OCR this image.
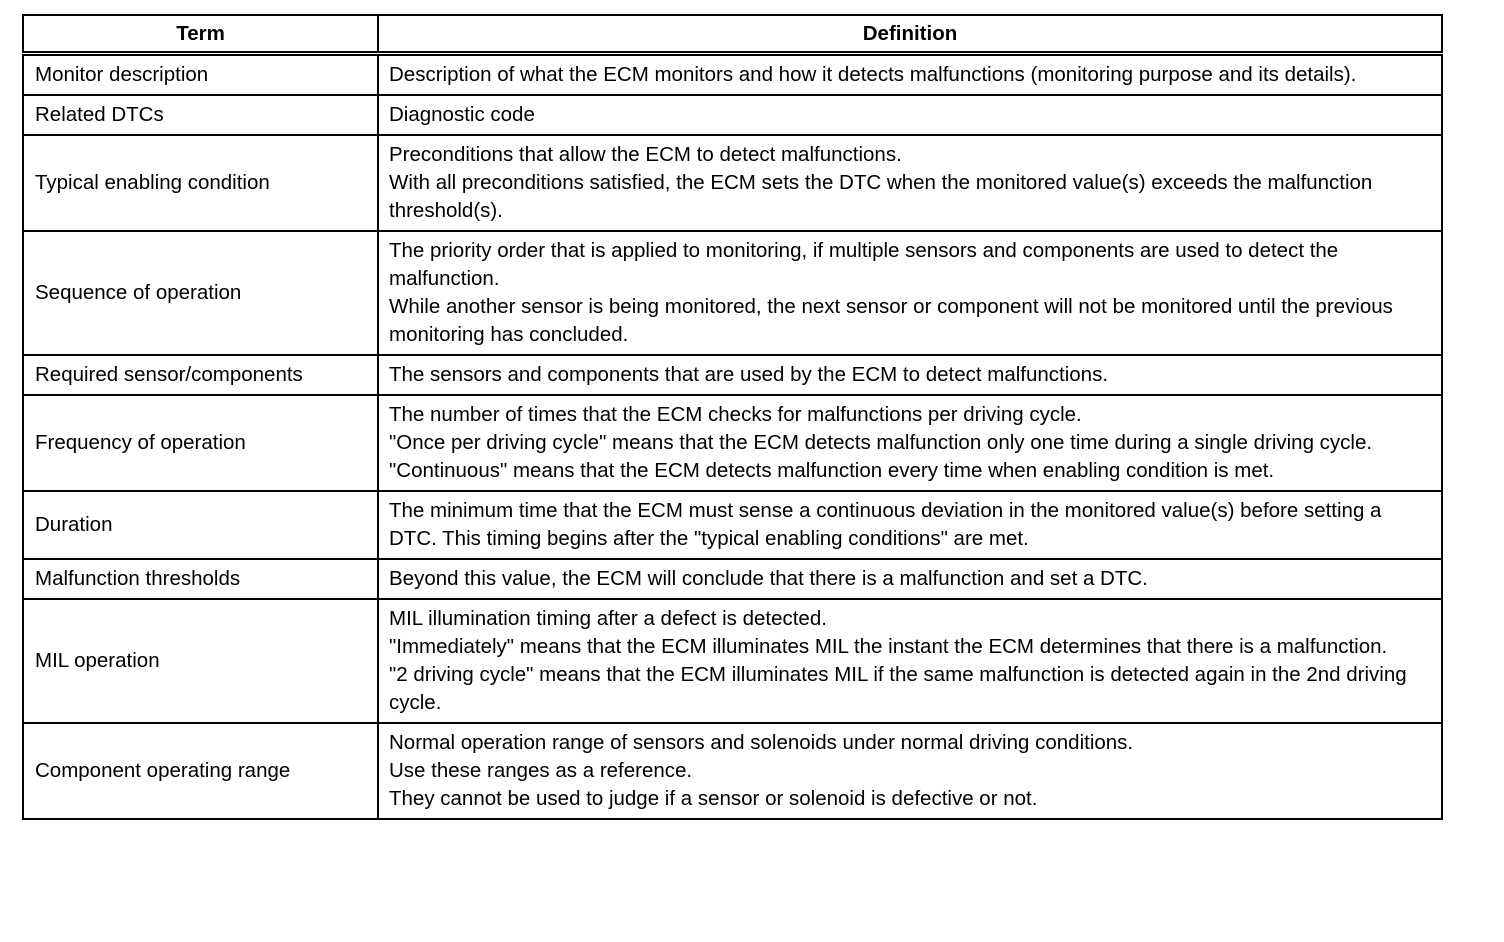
Term	Definition
Monitor description	Description of what the ECM monitors and how it detects malfunctions (monitoring purpose and its details).

Related DTCs	Diagnostic code

Typical enabling condition	Preconditions that allow the ECM to detect malfunctions.
With all preconditions satisfied, the ECM sets the DTC when the monitored value(s) exceeds the malfunction threshold(s).

Sequence of operation	The priority order that is applied to monitoring, if multiple sensors and components are used to detect the malfunction.
While another sensor is being monitored, the next sensor or component will not be monitored until the previous monitoring has concluded.

Required sensor/components	The sensors and components that are used by the ECM to detect malfunctions.

Frequency of operation	The number of times that the ECM checks for malfunctions per driving cycle.
"Once per driving cycle" means that the ECM detects malfunction only one time during a single driving cycle.
"Continuous" means that the ECM detects malfunction every time when enabling condition is met.

Duration	The minimum time that the ECM must sense a continuous deviation in the monitored value(s) before setting a DTC. This timing begins after the "typical enabling conditions" are met.

Malfunction thresholds	Beyond this value, the ECM will conclude that there is a malfunction and set a DTC.

MIL operation	MIL illumination timing after a defect is detected.
"Immediately" means that the ECM illuminates MIL the instant the ECM determines that there is a malfunction.
"2 driving cycle" means that the ECM illuminates MIL if the same malfunction is detected again in the 2nd driving cycle.

Component operating range	Normal operation range of sensors and solenoids under normal driving conditions.
Use these ranges as a reference.
They cannot be used to judge if a sensor or solenoid is defective or not.
